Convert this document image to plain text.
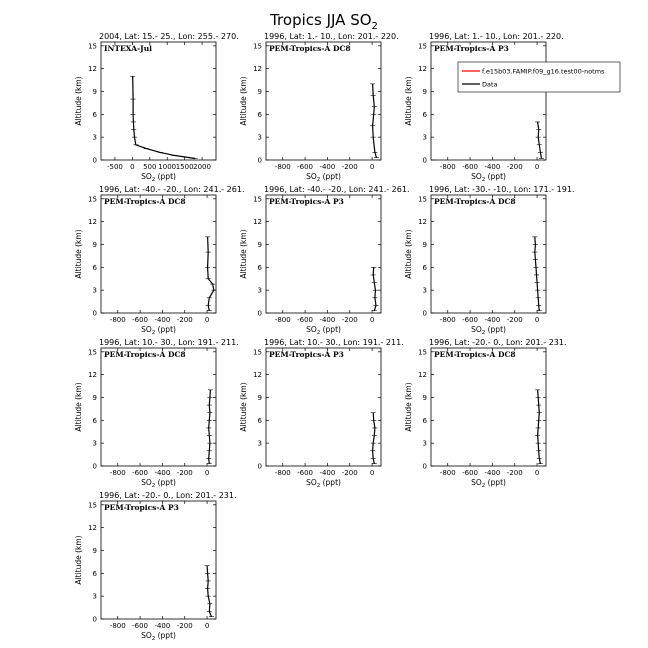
Tropics JJA $SO_2$
2004, Lat: 15.- 25., Lon: 255.- 270.
INTEXA-Jul
0
3
6
9
12
15
-500 0 500 1000 1500 2000
$SO_2$ (ppt)
Altitude (km)
1996, Lat: 1.- 10., Lon: 201.- 220.
PEM-Tropics-A DC8
0
3
6
9
12
15
-800 -600 -400 -200 0
$SO_2$ (ppt)
Altitude (km)
1996, Lat: 1.- 10., Lon: 201.- 220.
PEM-Tropics-A P3
0
3
6
9
12
15
-800 -600 -400 -200 0
$SO_2$ (ppt)
Altitude (km)
1996, Lat: -40.- -20., Lon: 241.- 261.
PEM-Tropics-A DC8
0
3
6
9
12
15
-800 -600 -400 -200 0
$SO_2$ (ppt)
Altitude (km)
1996, Lat: -40.- -20., Lon: 241.- 261.
PEM-Tropics-A P3
0
3
6
9
12
15
-800 -600 -400 -200 0
$SO_2$ (ppt)
Altitude (km)
1996, Lat: -30.- -10., Lon: 171.- 191.
PEM-Tropics-A DC8
0
3
6
9
12
15
-800 -600 -400 -200 0
$SO_2$ (ppt)
Altitude (km)
1996, Lat: 10.- 30., Lon: 191.- 211.
PEM-Tropics-A DC8
0
3
6
9
12
15
-800 -600 -400 -200 0
$SO_2$ (ppt)
Altitude (km)
1996, Lat: 10.- 30., Lon: 191.- 211.
PEM-Tropics-A P3
0
3
6
9
12
15
-800 -600 -400 -200 0
$SO_2$ (ppt)
Altitude (km)
1996, Lat: -20.- 0., Lon: 201.- 231.
PEM-Tropics-A DC8
0
3
6
9
12
15
-800 -600 -400 -200 0
$SO_2$ (ppt)
Altitude (km)
1996, Lat: -20.- 0., Lon: 201.- 231.
PEM-Tropics-A P3
0
3
6
9
12
15
-800 -600 -400 -200 0
$SO_2$ (ppt)
Altitude (km)
f.e15b03.FAMIP.f09_g16.test00-notms
Data
